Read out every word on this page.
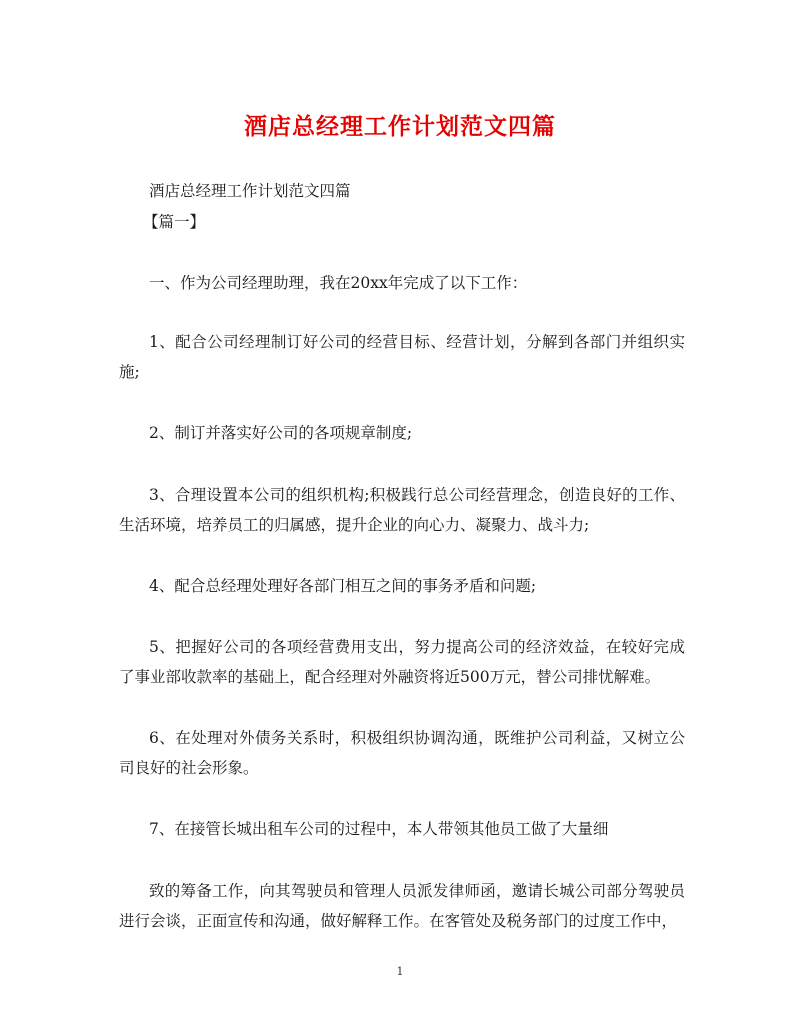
酒店总经理工作计划范文四篇
酒店总经理工作计划范文四篇
【篇一】
一、作为公司经理助理，我在20xx年完成了以下工作：
1、配合公司经理制订好公司的经营目标、经营计划，分解到各部门并组织实施;
2、制订并落实好公司的各项规章制度;
3、合理设置本公司的组织机构;积极践行总公司经营理念，创造良好的工作、生活环境，培养员工的归属感，提升企业的向心力、凝聚力、战斗力;
4、配合总经理处理好各部门相互之间的事务矛盾和问题;
5、把握好公司的各项经营费用支出，努力提高公司的经济效益，在较好完成了事业部收款率的基础上，配合经理对外融资将近500万元，替公司排忧解难。
6、在处理对外债务关系时，积极组织协调沟通，既维护公司利益，又树立公司良好的社会形象。
7、在接管长城出租车公司的过程中，本人带领其他员工做了大量细
致的筹备工作，向其驾驶员和管理人员派发律师函，邀请长城公司部分驾驶员进行会谈，正面宣传和沟通，做好解释工作。在客管处及税务部门的过度工作中，
1
